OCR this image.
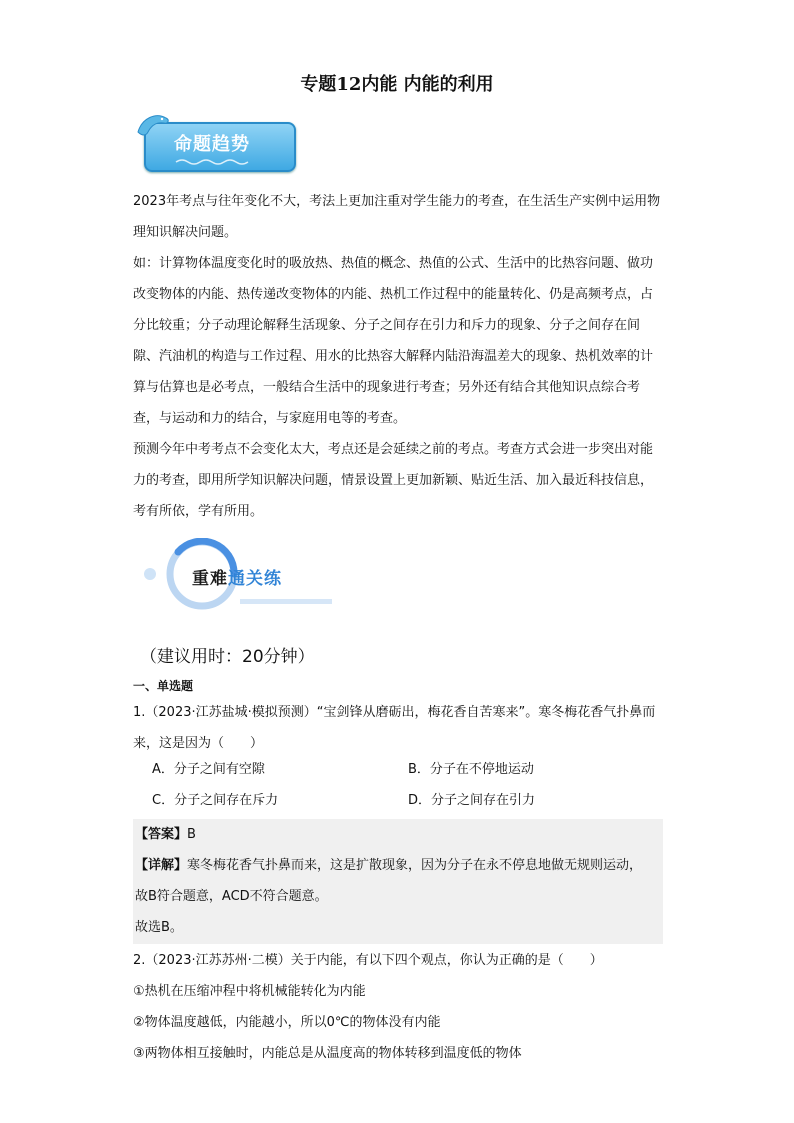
专题12内能 内能的利用
命题趋势

2023年考点与往年变化不大，考法上更加注重对学生能力的考查，在生活生产实例中运用物理知识解决问题。

如：计算物体温度变化时的吸放热、热值的概念、热值的公式、生活中的比热容问题、做功改变物体的内能、热传递改变物体的内能、热机工作过程中的能量转化、仍是高频考点，占分比较重；分子动理论解释生活现象、分子之间存在引力和斥力的现象、分子之间存在间隙、汽油机的构造与工作过程、用水的比热容大解释内陆沿海温差大的现象、热机效率的计算与估算也是必考点，一般结合生活中的现象进行考查；另外还有结合其他知识点综合考查，与运动和力的结合，与家庭用电等的考查。

预测今年中考考点不会变化太大，考点还是会延续之前的考点。考查方式会进一步突出对能力的考查，即用所学知识解决问题，情景设置上更加新颖、贴近生活、加入最近科技信息，考有所依，学有所用。

重难通关练
（建议用时：20分钟）
一、单选题
1.（2023·江苏盐城·模拟预测）“宝剑锋从磨砺出，梅花香自苦寒来”。寒冬梅花香气扑鼻而来，这是因为（　　）
A．分子之间有空隙	B．分子在不停地运动
C．分子之间存在斥力	D．分子之间存在引力

【答案】B

【详解】寒冬梅花香气扑鼻而来，这是扩散现象，因为分子在永不停息地做无规则运动，

故B符合题意，ACD不符合题意。

故选B。

2.（2023·江苏苏州·二模）关于内能，有以下四个观点，你认为正确的是（　　）

①热机在压缩冲程中将机械能转化为内能

②物体温度越低，内能越小，所以0℃的物体没有内能

③两物体相互接触时，内能总是从温度高的物体转移到温度低的物体
